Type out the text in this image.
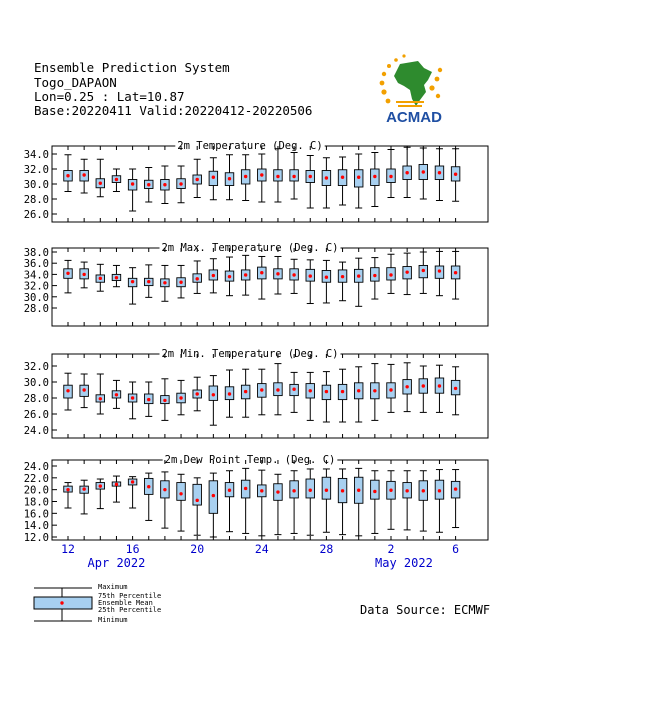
Ensemble Prediction System
Togo_DAPAON
Lon=0.25 : Lat=10.87
Base:20220411 Valid:20220412-20220506	ACMAD
2m Temperature (Deg. C)
34.0
32.0
30.0
28.0
26.0
2m Max. Temperature (Deg. C)
38.0
36.0
34.0
32.0
30.0
28.0
2m Min. Temperature (Deg. C)
32.0
30.0
28.0
26.0
24.0
2m Dew Point Temp. (Deg. C)
24.0
22.0
20.0
18.0
16.0
14.0
12.0
12	16	20	24	28	2	6
Apr 2022	May 2022
Data Source: ECMWF
Maximum
75th Percentile
Ensemble Mean
25th Percentile
Minimum
